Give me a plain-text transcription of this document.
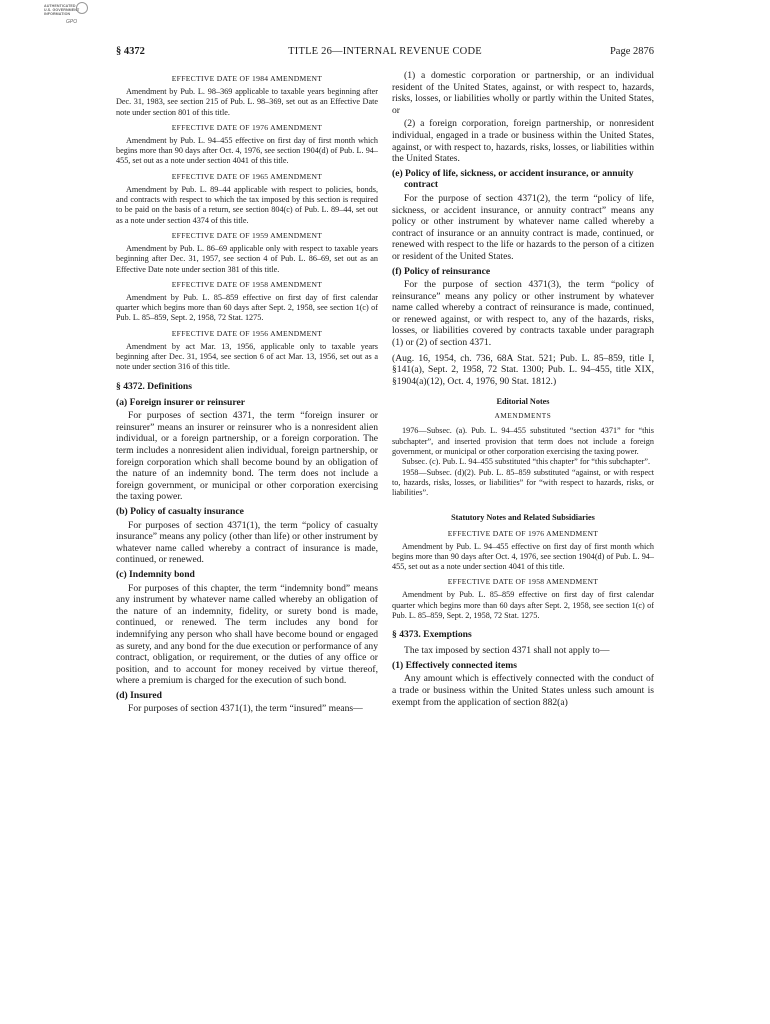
AUTHENTICATED
U.S. GOVERNMENT
INFORMATION
GPO
§ 4372	TITLE 26—INTERNAL REVENUE CODE	Page 2876
EFFECTIVE DATE OF 1984 AMENDMENT

Amendment by Pub. L. 98–369 applicable to taxable years beginning after Dec. 31, 1983, see section 215 of Pub. L. 98–369, set out as an Effective Date note under section 801 of this title.

EFFECTIVE DATE OF 1976 AMENDMENT

Amendment by Pub. L. 94–455 effective on first day of first month which begins more than 90 days after Oct. 4, 1976, see section 1904(d) of Pub. L. 94–455, set out as a note under section 4041 of this title.

EFFECTIVE DATE OF 1965 AMENDMENT

Amendment by Pub. L. 89–44 applicable with respect to policies, bonds, and contracts with respect to which the tax imposed by this section is required to be paid on the basis of a return, see section 804(c) of Pub. L. 89–44, set out as a note under section 4374 of this title.

EFFECTIVE DATE OF 1959 AMENDMENT

Amendment by Pub. L. 86–69 applicable only with respect to taxable years beginning after Dec. 31, 1957, see section 4 of Pub. L. 86–69, set out as an Effective Date note under section 381 of this title.

EFFECTIVE DATE OF 1958 AMENDMENT

Amendment by Pub. L. 85–859 effective on first day of first calendar quarter which begins more than 60 days after Sept. 2, 1958, see section 1(c) of Pub. L. 85–859, Sept. 2, 1958, 72 Stat. 1275.

EFFECTIVE DATE OF 1956 AMENDMENT

Amendment by act Mar. 13, 1956, applicable only to taxable years beginning after Dec. 31, 1954, see section 6 of act Mar. 13, 1956, set out as a note under section 316 of this title.

§ 4372. Definitions
(a) Foreign insurer or reinsurer

For purposes of section 4371, the term “foreign insurer or reinsurer” means an insurer or reinsurer who is a nonresident alien individual, or a foreign partnership, or a foreign corporation. The term includes a nonresident alien individual, foreign partnership, or foreign corporation which shall become bound by an obligation of the nature of an indemnity bond. The term does not include a foreign government, or municipal or other corporation exercising the taxing power.

(b) Policy of casualty insurance

For purposes of section 4371(1), the term “policy of casualty insurance” means any policy (other than life) or other instrument by whatever name called whereby a contract of insurance is made, continued, or renewed.

(c) Indemnity bond

For purposes of this chapter, the term “indemnity bond” means any instrument by whatever name called whereby an obligation of the nature of an indemnity, fidelity, or surety bond is made, continued, or renewed. The term includes any bond for indemnifying any person who shall have become bound or engaged as surety, and any bond for the due execution or performance of any contract, obligation, or requirement, or the duties of any office or position, and to account for money received by virtue thereof, where a premium is charged for the execution of such bond.

(d) Insured

For purposes of section 4371(1), the term “insured” means—

(1) a domestic corporation or partnership, or an individual resident of the United States, against, or with respect to, hazards, risks, losses, or liabilities wholly or partly within the United States, or

(2) a foreign corporation, foreign partnership, or nonresident individual, engaged in a trade or business within the United States, against, or with respect to, hazards, risks, losses, or liabilities within the United States.

(e) Policy of life, sickness, or accident insurance, or annuity contract

For the purpose of section 4371(2), the term “policy of life, sickness, or accident insurance, or annuity contract” means any policy or other instrument by whatever name called whereby a contract of insurance or an annuity contract is made, continued, or renewed with respect to the life or hazards to the person of a citizen or resident of the United States.

(f) Policy of reinsurance

For the purpose of section 4371(3), the term “policy of reinsurance” means any policy or other instrument by whatever name called whereby a contract of reinsurance is made, continued, or renewed against, or with respect to, any of the hazards, risks, losses, or liabilities covered by contracts taxable under paragraph (1) or (2) of section 4371.

(Aug. 16, 1954, ch. 736, 68A Stat. 521; Pub. L. 85–859, title I, §141(a), Sept. 2, 1958, 72 Stat. 1300; Pub. L. 94–455, title XIX, §1904(a)(12), Oct. 4, 1976, 90 Stat. 1812.)

Editorial Notes
AMENDMENTS

1976—Subsec. (a). Pub. L. 94–455 substituted “section 4371” for “this subchapter”, and inserted provision that term does not include a foreign government, or municipal or other corporation exercising the taxing power.

Subsec. (c). Pub. L. 94–455 substituted “this chapter” for “this subchapter”.

1958—Subsec. (d)(2). Pub. L. 85–859 substituted “against, or with respect to, hazards, risks, losses, or liabilities” for “with respect to hazards, risks, or liabilities”.

Statutory Notes and Related Subsidiaries
EFFECTIVE DATE OF 1976 AMENDMENT

Amendment by Pub. L. 94–455 effective on first day of first month which begins more than 90 days after Oct. 4, 1976, see section 1904(d) of Pub. L. 94–455, set out as a note under section 4041 of this title.

EFFECTIVE DATE OF 1958 AMENDMENT

Amendment by Pub. L. 85–859 effective on first day of first calendar quarter which begins more than 60 days after Sept. 2, 1958, see section 1(c) of Pub. L. 85–859, Sept. 2, 1958, 72 Stat. 1275.

§ 4373. Exemptions

The tax imposed by section 4371 shall not apply to—

(1) Effectively connected items

Any amount which is effectively connected with the conduct of a trade or business within the United States unless such amount is exempt from the application of section 882(a)
